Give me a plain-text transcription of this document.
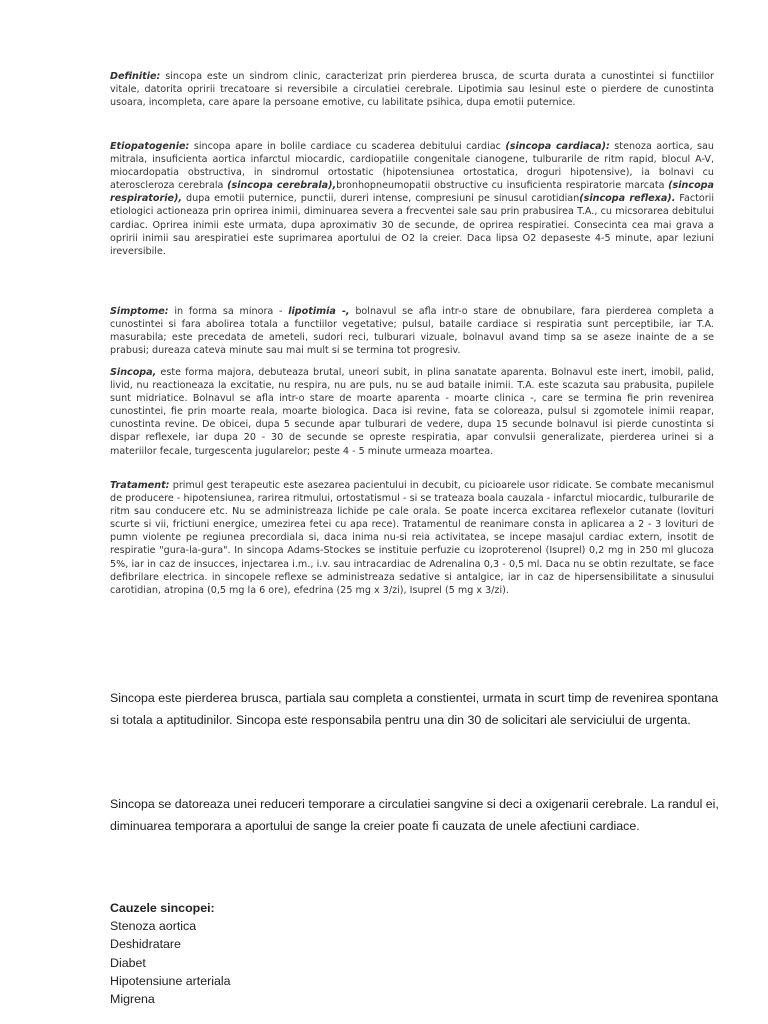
Definitie: sincopa este un sindrom clinic, caracterizat prin pierderea brusca, de scurta durata a cunostintei si functiilor vitale, datorita opririi trecatoare si reversibile a circulatiei cerebrale. Lipotimia sau lesinul este o pierdere de cunostinta usoara, incompleta, care apare la persoane emotive, cu labilitate psihica, dupa emotii puternice.

Etiopatogenie: sincopa apare in bolile cardiace cu scaderea debitului cardiac (sincopa cardiaca): stenoza aortica, sau mitrala, insuficienta aortica infarctul miocardic, cardiopatiile congenitale cianogene, tulburarile de ritm rapid, blocul A-V, miocardopatia obstructiva, in sindromul ortostatic (hipotensiunea ortostatica, droguri hipotensive), ia bolnavi cu ateroscleroza cerebrala (sincopa cerebrala),bronhopneumopatii obstructive cu insuficienta respiratorie marcata (sincopa respiratorie), dupa emotii puternice, punctii, dureri intense, compresiuni pe sinusul carotidian(sincopa reflexa). Factorii etiologici actioneaza prin oprirea inimii, diminuarea severa a frecventei sale sau prin prabusirea T.A., cu micsorarea debitului cardiac. Oprirea inimii este urmata, dupa aproximativ 30 de secunde, de oprirea respiratiei. Consecinta cea mai grava a opririi inimii sau arespiratiei este suprimarea aportului de O2 la creier. Daca lipsa O2 depaseste 4-5 minute, apar leziuni ireversibile.

Simptome: in forma sa minora - lipotimia -, bolnavul se afla intr-o stare de obnubilare, fara pierderea completa a cunostintei si fara abolirea totala a functiilor vegetative; pulsul, bataile cardiace si respiratia sunt perceptibile, iar T.A. masurabila; este precedata de ameteli, sudori reci, tulburari vizuale, bolnavul avand timp sa se aseze inainte de a se prabusi; dureaza cateva minute sau mai mult si se termina tot progresiv.

Sincopa, este forma majora, debuteaza brutal, uneori subit, in plina sanatate aparenta. Bolnavul este inert, imobil, palid, livid, nu reactioneaza la excitatie, nu respira, nu are puls, nu se aud bataile inimii. T.A. este scazuta sau prabusita, pupilele sunt midriatice. Bolnavul se afla intr-o stare de moarte aparenta - moarte clinica -, care se termina fie prin revenirea cunostintei, fie prin moarte reala, moarte biologica. Daca isi revine, fata se coloreaza, pulsul si zgomotele inimii reapar, cunostinta revine. De obicei, dupa 5 secunde apar tulburari de vedere, dupa 15 secunde bolnavul isi pierde cunostinta si dispar reflexele, iar dupa 20 - 30 de secunde se opreste respiratia, apar convulsii generalizate, pierderea urinei si a materiilor fecale, turgescenta jugularelor; peste 4 - 5 minute urmeaza moartea.

Tratament: primul gest terapeutic este asezarea pacientului in decubit, cu picioarele usor ridicate. Se combate mecanismul de producere - hipotensiunea, rarirea ritmului, ortostatismul - si se trateaza boala cauzala - infarctul miocardic, tulburarile de ritm sau conducere etc. Nu se administreaza lichide pe cale orala. Se poate incerca excitarea reflexelor cutanate (lovituri scurte si vii, frictiuni energice, umezirea fetei cu apa rece). Tratamentul de reanimare consta in aplicarea a 2 - 3 lovituri de pumn violente pe regiunea precordiala si, daca inima nu-si reia activitatea, se incepe masajul cardiac extern, insotit de respiratie "gura-la-gura". In sincopa Adams-Stockes se instituie perfuzie cu izoproterenol (Isuprel) 0,2 mg in 250 ml glucoza 5%, iar in caz de insucces, injectarea i.m., i.v. sau intracardiac de Adrenalina 0,3 - 0,5 ml. Daca nu se obtin rezultate, se face defibrilare electrica. in sincopele reflexe se administreaza sedative si antalgice, iar in caz de hipersensibilitate a sinusului carotidian, atropina (0,5 mg la 6 ore), efedrina (25 mg x 3/zi), Isuprel (5 mg x 3/zi).

Sincopa este pierderea brusca, partiala sau completa a constientei, urmata in scurt timp de revenirea spontana si totala a aptitudinilor. Sincopa este responsabila pentru una din 30 de solicitari ale serviciului de urgenta.

Sincopa se datoreaza unei reduceri temporare a circulatiei sangvine si deci a oxigenarii cerebrale. La randul ei, diminuarea temporara a aportului de sange la creier poate fi cauzata de unele afectiuni cardiace.

Cauzele sincopei:
Stenoza aortica
Deshidratare
Diabet
Hipotensiune arteriala
Migrena
